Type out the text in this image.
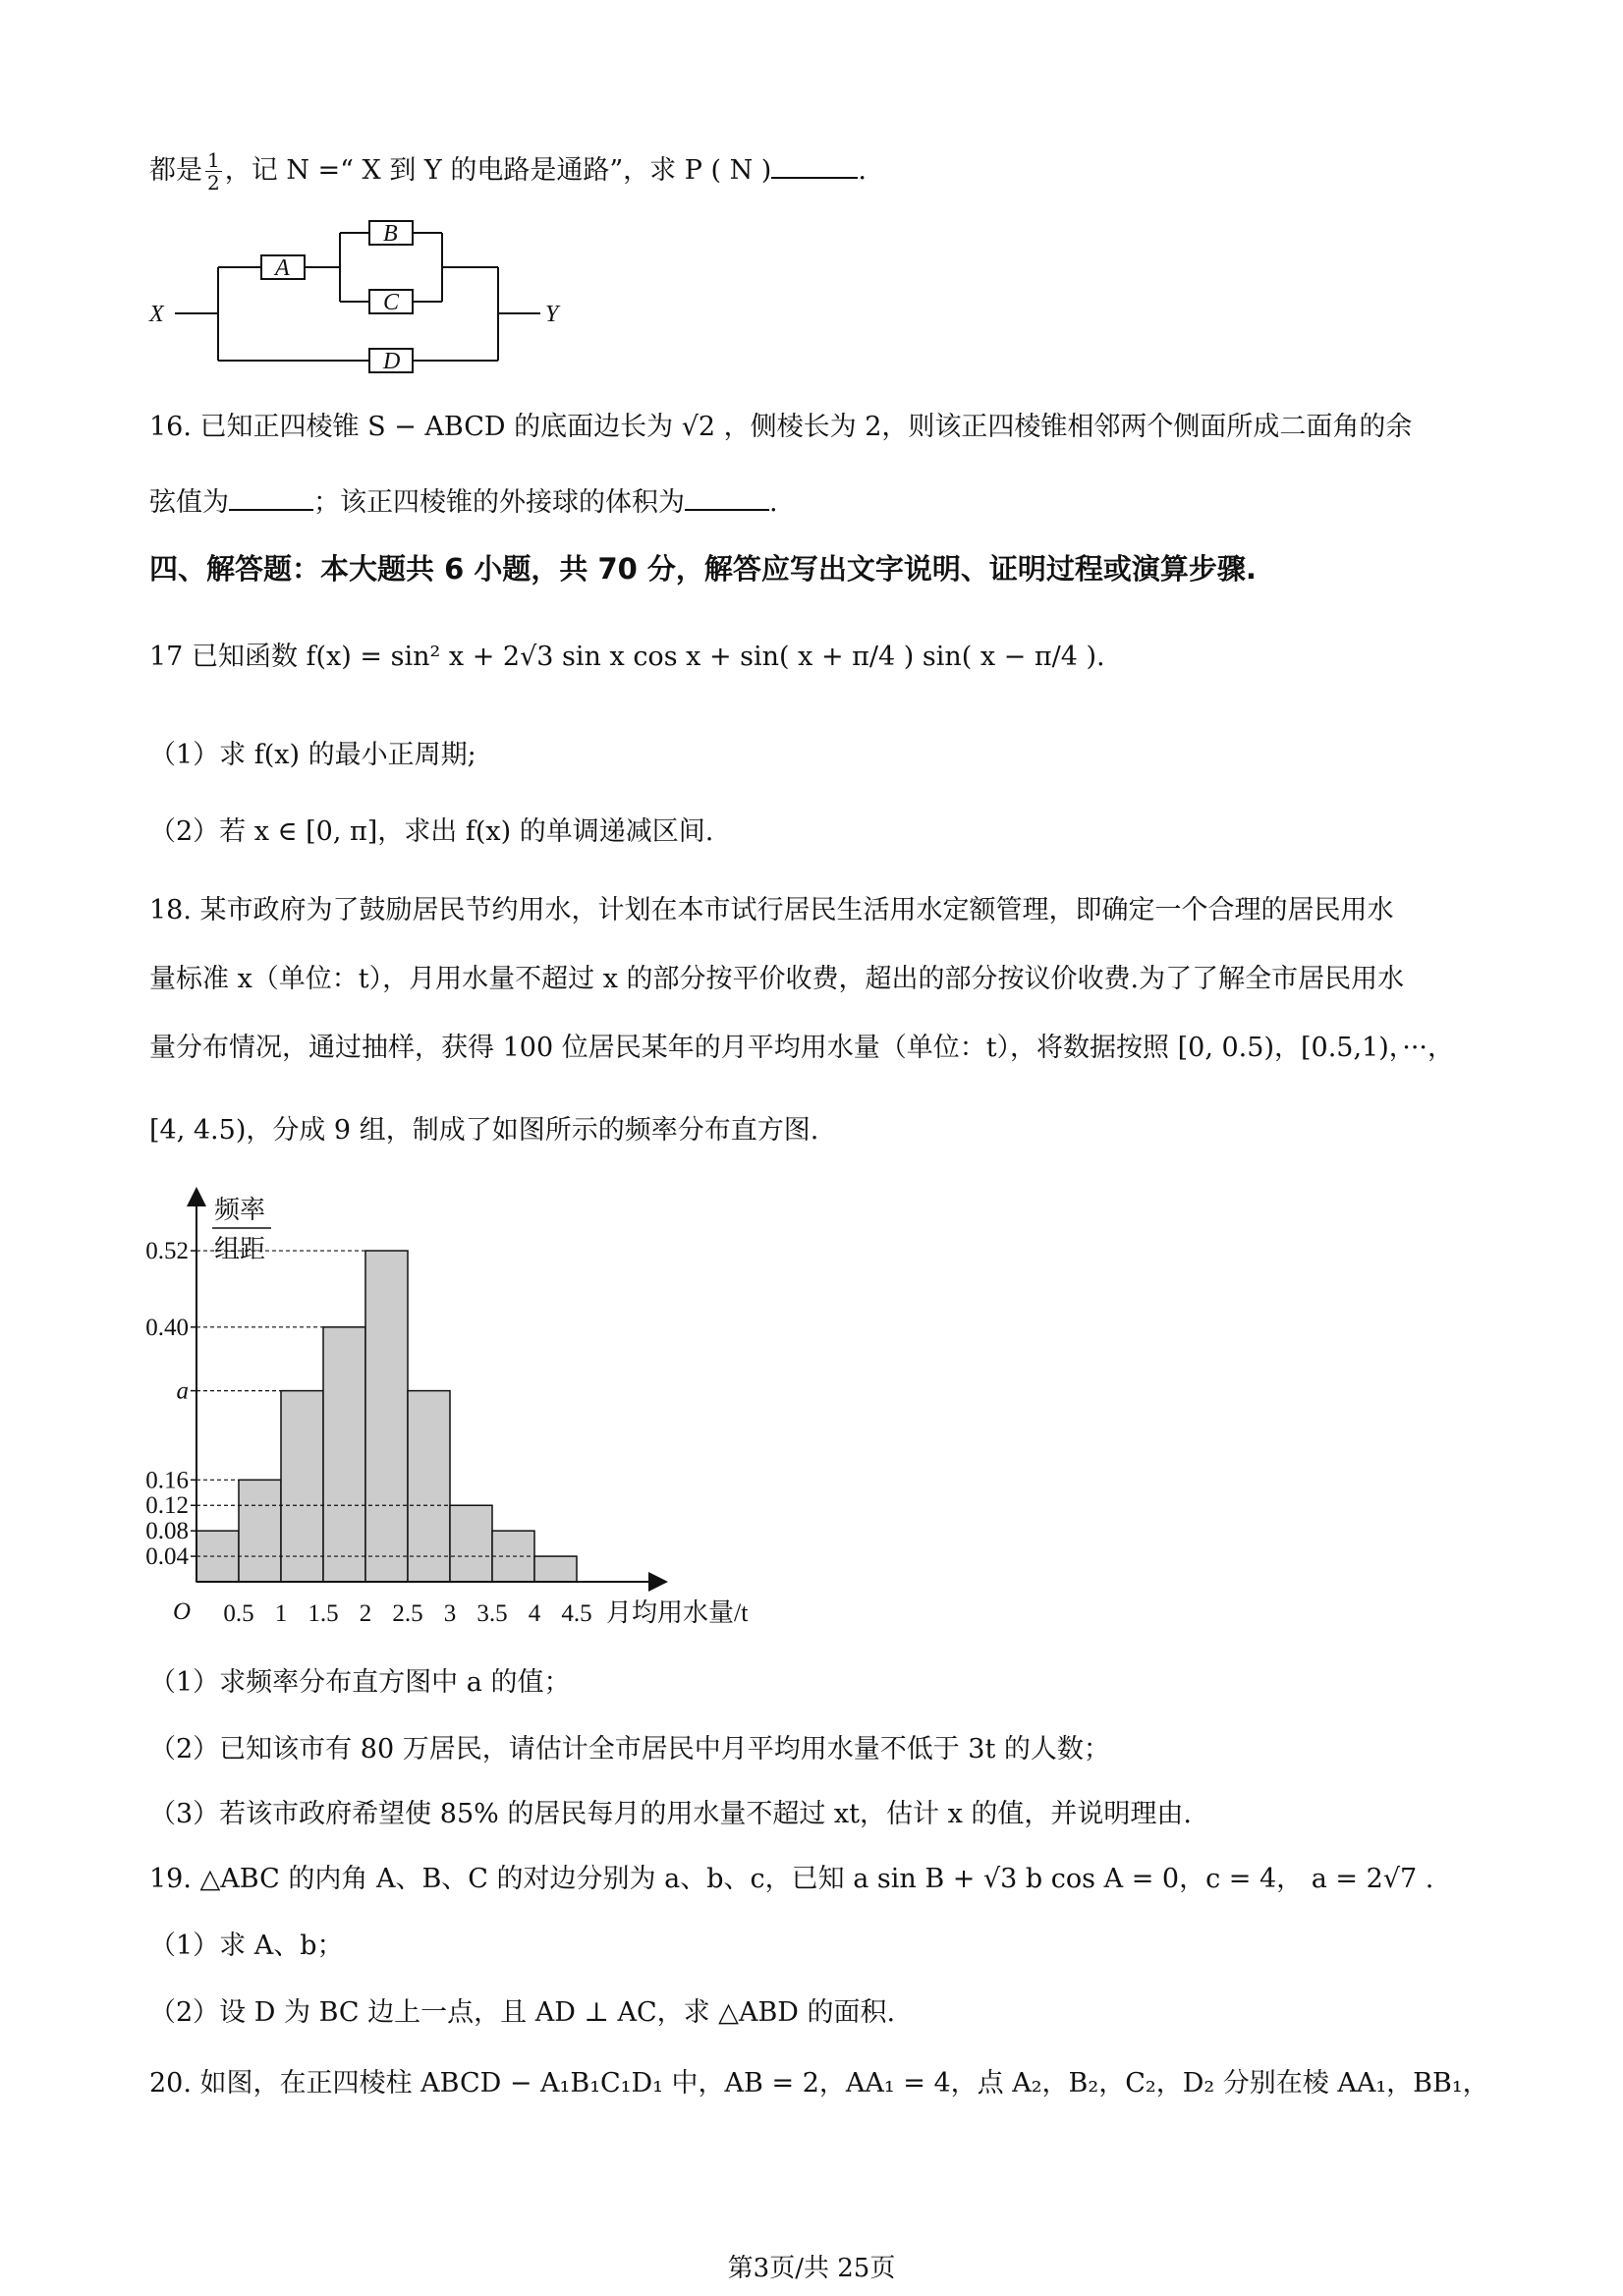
都是 $\frac{1}{2}$ ，记 N =“ X 到 Y 的电路是通路”，求 P ( N )	.
X	Y
A
B
C
D
16. 已知正四棱锥 S − ABCD 的底面边长为 √2 ，侧棱长为 2，则该正四棱锥相邻两个侧面所成二面角的余
弦值为	；该正四棱锥的外接球的体积为	.
四、解答题：本大题共 6 小题，共 70 分，解答应写出文字说明、证明过程或演算步骤.
17 已知函数 f(x) = sin² x + 2√3 sin x cos x + sin( x + π/4 ) sin( x − π/4 ).
（1）求 f(x) 的最小正周期;
（2）若 x ∈ [0, π]，求出 f(x) 的单调递减区间.
18. 某市政府为了鼓励居民节约用水，计划在本市试行居民生活用水定额管理，即确定一个合理的居民用水
量标准 x（单位：t），月用水量不超过 x 的部分按平价收费，超出的部分按议价收费.为了了解全市居民用水
量分布情况，通过抽样，获得 100 位居民某年的月平均用水量（单位：t），将数据按照 [0, 0.5)，[0.5,1)，···，
[4, 4.5)，分成 9 组，制成了如图所示的频率分布直方图.
0.52
0.40
a
0.16
0.12
0.08
0.04
频率
组距
O 0.5 1 1.5 2 2.5 3 3.5 4 4.5 月均用水量/t
（1）求频率分布直方图中 a 的值；
（2）已知该市有 80 万居民，请估计全市居民中月平均用水量不低于 3t 的人数；
（3）若该市政府希望使 85% 的居民每月的用水量不超过 xt，估计 x 的值，并说明理由.
19. △ABC 的内角 A、B、C 的对边分别为 a、b、c，已知 a sin B + √3 b cos A = 0，c = 4， a = 2√7 .
（1）求 A、b；
（2）设 D 为 BC 边上一点，且 AD ⊥ AC，求 △ABD 的面积.
20. 如图，在正四棱柱 ABCD − A₁B₁C₁D₁ 中，AB = 2，AA₁ = 4，点 A₂，B₂，C₂，D₂ 分别在棱 AA₁，BB₁，
第3页/共 25页
